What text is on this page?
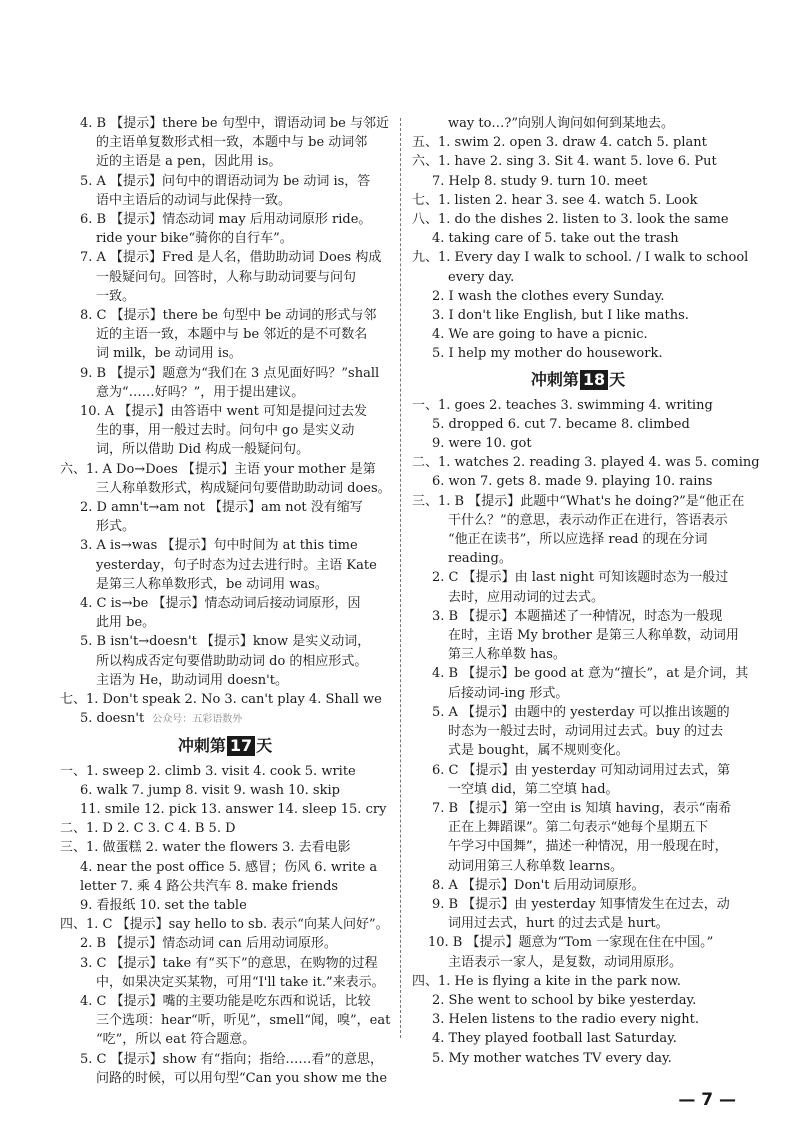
4. B 【提示】there be 句型中，谓语动词 be 与邻近
的主语单复数形式相一致，本题中与 be 动词邻
近的主语是 a pen，因此用 is。
5. A 【提示】问句中的谓语动词为 be 动词 is，答
语中主语后的动词与此保持一致。
6. B 【提示】情态动词 may 后用动词原形 ride。
ride your bike“骑你的自行车”。
7. A 【提示】Fred 是人名，借助助动词 Does 构成
一般疑问句。回答时，人称与助动词要与问句
一致。
8. C 【提示】there be 句型中 be 动词的形式与邻
近的主语一致，本题中与 be 邻近的是不可数名
词 milk，be 动词用 is。
9. B 【提示】题意为“我们在 3 点见面好吗？”shall
意为“……好吗？”，用于提出建议。
10. A 【提示】由答语中 went 可知是提问过去发
生的事，用一般过去时。问句中 go 是实义动
词，所以借助 Did 构成一般疑问句。
六、1. A Do→Does 【提示】主语 your mother 是第
三人称单数形式，构成疑问句要借助助动词 does。
2. D amn't→am not 【提示】am not 没有缩写
形式。
3. A is→was 【提示】句中时间为 at this time
yesterday，句子时态为过去进行时。主语 Kate
是第三人称单数形式，be 动词用 was。
4. C is→be 【提示】情态动词后接动词原形，因
此用 be。
5. B isn't→doesn't 【提示】know 是实义动词，
所以构成否定句要借助助动词 do 的相应形式。
主语为 He，助动词用 doesn't。
七、1. Don't speak 2. No 3. can't play 4. Shall we
5. doesn't 公众号：五彩语数外
冲刺第 17 天
一、1. sweep 2. climb 3. visit 4. cook 5. write
6. walk 7. jump 8. visit 9. wash 10. skip
11. smile 12. pick 13. answer 14. sleep 15. cry
二、1. D 2. C 3. C 4. B 5. D
三、1. 做蛋糕 2. water the flowers 3. 去看电影
4. near the post office 5. 感冒；伤风 6. write a
letter 7. 乘 4 路公共汽车 8. make friends
9. 看报纸 10. set the table
四、1. C 【提示】say hello to sb. 表示“向某人问好”。
2. B 【提示】情态动词 can 后用动词原形。
3. C 【提示】take 有“买下”的意思，在购物的过程
中，如果决定买某物，可用“I'll take it.”来表示。
4. C 【提示】嘴的主要功能是吃东西和说话，比较
三个选项：hear“听，听见”，smell“闻，嗅”，eat
“吃”，所以 eat 符合题意。
5. C 【提示】show 有“指向；指给……看”的意思，
问路的时候，可以用句型“Can you show me the
way to…?”向别人询问如何到某地去。
五、1. swim 2. open 3. draw 4. catch 5. plant
六、1. have 2. sing 3. Sit 4. want 5. love 6. Put
7. Help 8. study 9. turn 10. meet
七、1. listen 2. hear 3. see 4. watch 5. Look
八、1. do the dishes 2. listen to 3. look the same
4. taking care of 5. take out the trash
九、1. Every day I walk to school. / I walk to school
every day.
2. I wash the clothes every Sunday.
3. I don't like English, but I like maths.
4. We are going to have a picnic.
5. I help my mother do housework.
冲刺第 18 天
一、1. goes 2. teaches 3. swimming 4. writing
5. dropped 6. cut 7. became 8. climbed
9. were 10. got
二、1. watches 2. reading 3. played 4. was 5. coming
6. won 7. gets 8. made 9. playing 10. rains
三、1. B 【提示】此题中“What's he doing?”是“他正在
干什么？”的意思，表示动作正在进行，答语表示
“他正在读书”，所以应选择 read 的现在分词
reading。
2. C 【提示】由 last night 可知该题时态为一般过
去时，应用动词的过去式。
3. B 【提示】本题描述了一种情况，时态为一般现
在时，主语 My brother 是第三人称单数，动词用
第三人称单数 has。
4. B 【提示】be good at 意为“擅长”，at 是介词，其
后接动词-ing 形式。
5. A 【提示】由题中的 yesterday 可以推出该题的
时态为一般过去时，动词用过去式。buy 的过去
式是 bought，属不规则变化。
6. C 【提示】由 yesterday 可知动词用过去式，第
一空填 did，第二空填 had。
7. B 【提示】第一空由 is 知填 having，表示“南希
正在上舞蹈课”。第二句表示“她每个星期五下
午学习中国舞”，描述一种情况，用一般现在时，
动词用第三人称单数 learns。
8. A 【提示】Don't 后用动词原形。
9. B 【提示】由 yesterday 知事情发生在过去，动
词用过去式，hurt 的过去式是 hurt。
10. B 【提示】题意为“Tom 一家现在住在中国。”
主语表示一家人，是复数，动词用原形。
四、1. He is flying a kite in the park now.
2. She went to school by bike yesterday.
3. Helen listens to the radio every night.
4. They played football last Saturday.
5. My mother watches TV every day.
— 7 —
